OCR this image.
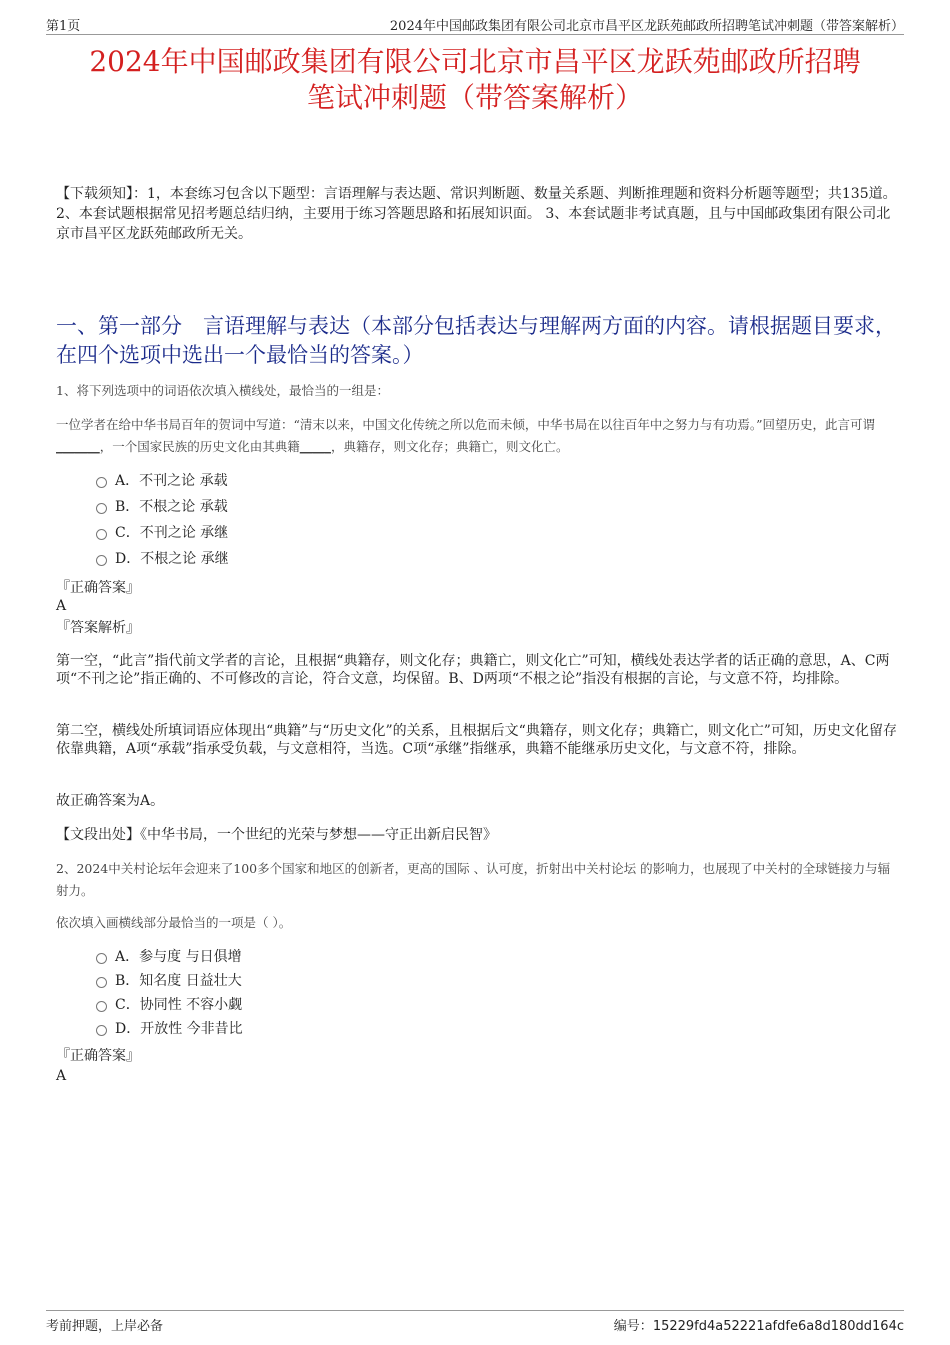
第1页	2024年中国邮政集团有限公司北京市昌平区龙跃苑邮政所招聘笔试冲刺题（带答案解析）
2024年中国邮政集团有限公司北京市昌平区龙跃苑邮政所招聘
笔试冲刺题（带答案解析）
【下载须知】：1，本套练习包含以下题型：言语理解与表达题、常识判断题、数量关系题、判断推理题和资料分析题等题型；共135道。 2、本套试题根据常见招考题总结归纳，主要用于练习答题思路和拓展知识面。 3、本套试题非考试真题，且与中国邮政集团有限公司北京市昌平区龙跃苑邮政所无关。
一、第一部分　言语理解与表达（本部分包括表达与理解两方面的内容。请根据题目要求，在四个选项中选出一个最恰当的答案。）
1、将下列选项中的词语依次填入横线处，最恰当的一组是：
一位学者在给中华书局百年的贺词中写道：“清末以来，中国文化传统之所以危而未倾，中华书局在以往百年中之努力与有功焉。”回望历史，此言可谓_______，一个国家民族的历史文化由其典籍_____，典籍存，则文化存；典籍亡，则文化亡。
A．不刊之论 承载
B．不根之论 承载
C．不刊之论 承继
D．不根之论 承继
『正确答案』
A
『答案解析』
第一空，“此言”指代前文学者的言论，且根据“典籍存，则文化存；典籍亡，则文化亡”可知，横线处表达学者的话正确的意思，A、C两项“不刊之论”指正确的、不可修改的言论，符合文意，均保留。B、D两项“不根之论”指没有根据的言论，与文意不符，均排除。
第二空，横线处所填词语应体现出“典籍”与“历史文化”的关系，且根据后文“典籍存，则文化存；典籍亡，则文化亡”可知，历史文化留存依靠典籍，A项“承载”指承受负载，与文意相符，当选。C项“承继”指继承，典籍不能继承历史文化，与文意不符，排除。
故正确答案为A。
【文段出处】《中华书局，一个世纪的光荣与梦想——守正出新启民智》
2、2024中关村论坛年会迎来了100多个国家和地区的创新者，更高的国际 、认可度，折射出中关村论坛 的影响力，也展现了中关村的全球链接力与辐射力。
依次填入画横线部分最恰当的一项是（ ）。
A．参与度 与日俱增
B．知名度 日益壮大
C．协同性 不容小觑
D．开放性 今非昔比
『正确答案』
A
考前押题，上岸必备	编号：15229fd4a52221afdfe6a8d180dd164c
